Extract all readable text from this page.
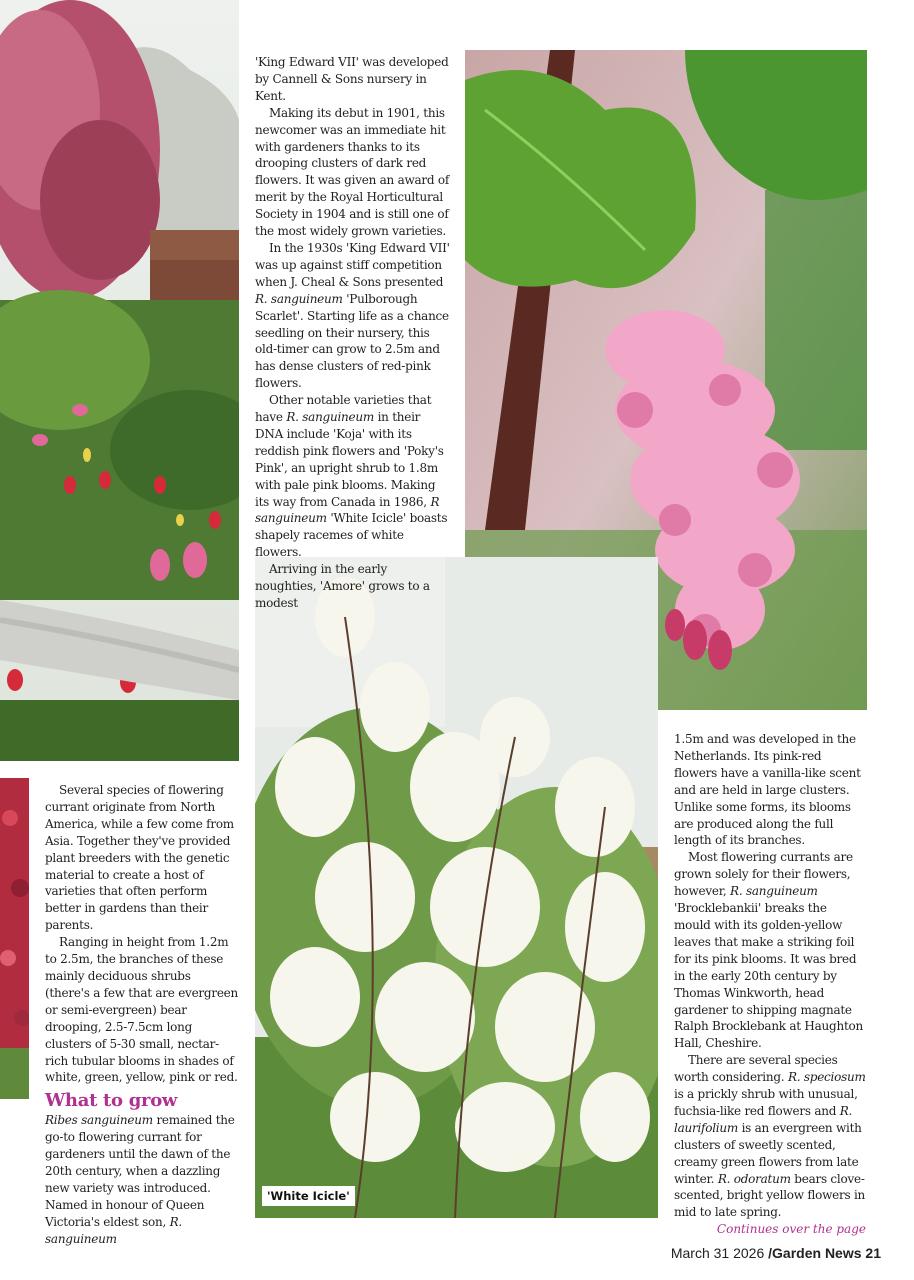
'White Icicle'

'King Edward VII' was developed by Cannell & Sons nursery in Kent.

Making its debut in 1901, this newcomer was an immediate hit with gardeners thanks to its drooping clusters of dark red flowers. It was given an award of merit by the Royal Horticultural Society in 1904 and is still one of the most widely grown varieties.

In the 1930s 'King Edward VII' was up against stiff competition when J. Cheal & Sons presented R. sanguineum 'Pulborough Scarlet'. Starting life as a chance seedling on their nursery, this old-timer can grow to 2.5m and has dense clusters of red-pink flowers.

Other notable varieties that have R. sanguineum in their DNA include 'Koja' with its reddish pink flowers and 'Poky's Pink', an upright shrub to 1.8m with pale pink blooms. Making its way from Canada in 1986, R sanguineum 'White Icicle' boasts shapely racemes of white flowers.

Arriving in the early noughties, 'Amore' grows to a modest

Several species of flowering currant originate from North America, while a few come from Asia. Together they've provided plant breeders with the genetic material to create a host of varieties that often perform better in gardens than their parents.

Ranging in height from 1.2m to 2.5m, the branches of these mainly deciduous shrubs (there's a few that are evergreen or semi-evergreen) bear drooping, 2.5-7.5cm long clusters of 5-30 small, nectar-rich tubular blooms in shades of white, green, yellow, pink or red.

What to grow

Ribes sanguineum remained the go-to flowering currant for gardeners until the dawn of the 20th century, when a dazzling new variety was introduced. Named in honour of Queen Victoria's eldest son, R. sanguineum

1.5m and was developed in the Netherlands. Its pink-red flowers have a vanilla-like scent and are held in large clusters. Unlike some forms, its blooms are produced along the full length of its branches.

Most flowering currants are grown solely for their flowers, however, R. sanguineum 'Brocklebankii' breaks the mould with its golden-yellow leaves that make a striking foil for its pink blooms. It was bred in the early 20th century by Thomas Winkworth, head gardener to shipping magnate Ralph Brocklebank at Haughton Hall, Cheshire.

There are several species worth considering. R. speciosum is a prickly shrub with unusual, fuchsia-like red flowers and R. laurifolium is an evergreen with clusters of sweetly scented, creamy green flowers from late winter. R. odoratum bears clove-scented, bright yellow flowers in mid to late spring.

Continues over the page
March 31 2026 /Garden News 21
